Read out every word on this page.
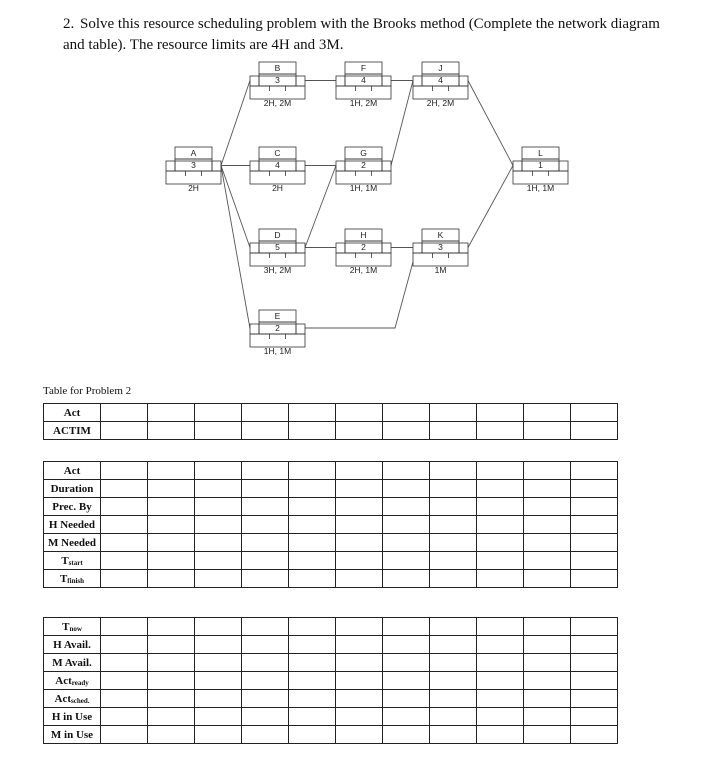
2. Solve this resource scheduling problem with the Brooks method (Complete the network diagram and table). The resource limits are 4H and 3M.
A
3
2H
B
3
2H, 2M
C
4
2H
D
5
3H, 2M
E
2
1H, 1M
F
4
1H, 2M
G
2
1H, 1M
H
2
2H, 1M
J
4
2H, 2M
K
3
1M
L
1
1H, 1M
Table for Problem 2
Act											
ACTIM											
Act											
Duration											
Prec. By											
H Needed											
M Needed											
$T_{start}$											
$T_{finish}$											
$T_{now}$											
H Avail.											
M Avail.											
Act$_{ready}$											
Act$_{sched.}$											
H in Use											
M in Use											
